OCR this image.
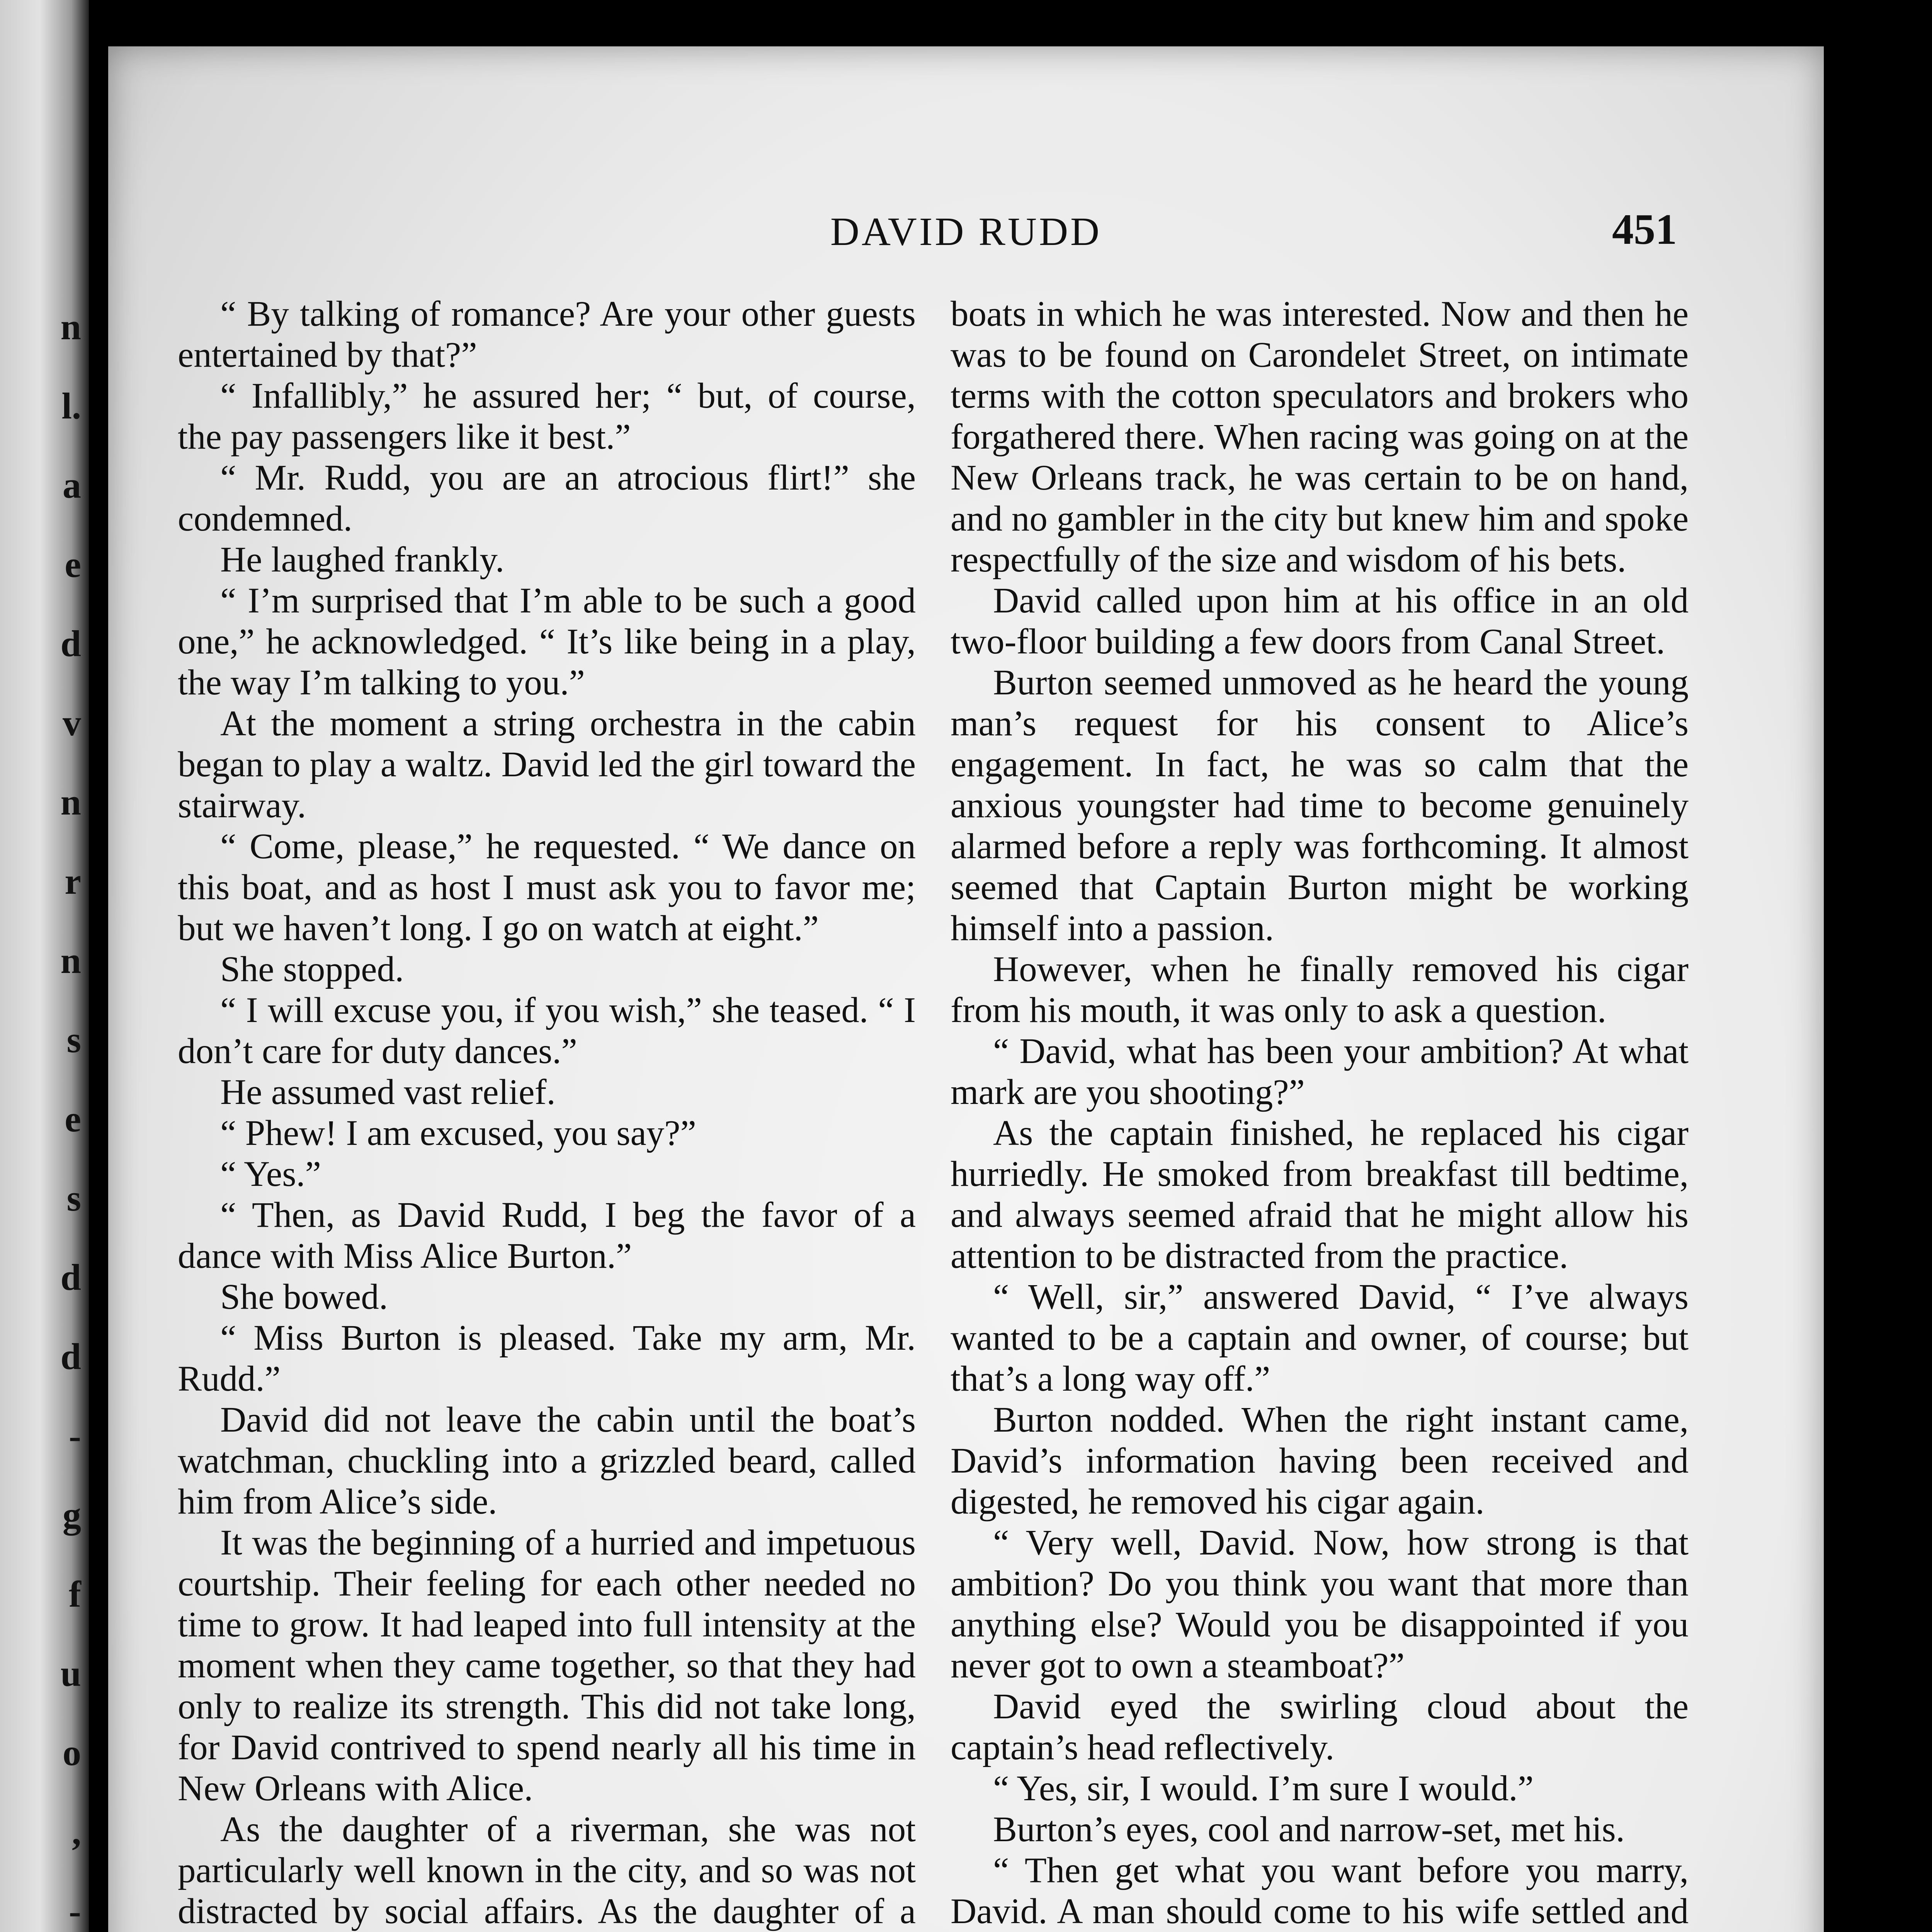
n
l.
a
e
d
v
n
r
n
s
e
s
d
d
-
g
f
u
o
,
-
DAVID RUDD	451

“ By talking of romance? Are your other guests entertained by that?”

“ Infallibly,” he assured her; “ but, of course, the pay passengers like it best.”

“ Mr. Rudd, you are an atrocious flirt!” she condemned.

He laughed frankly.

“ I’m surprised that I’m able to be such a good one,” he acknowledged. “ It’s like being in a play, the way I’m talking to you.”

At the moment a string orchestra in the cabin began to play a waltz. David led the girl toward the stairway.

“ Come, please,” he requested. “ We dance on this boat, and as host I must ask you to favor me; but we haven’t long. I go on watch at eight.”

She stopped.

“ I will excuse you, if you wish,” she teased. “ I don’t care for duty dances.”

He assumed vast relief.

“ Phew! I am excused, you say?”

“ Yes.”

“ Then, as David Rudd, I beg the favor of a dance with Miss Alice Burton.”

She bowed.

“ Miss Burton is pleased. Take my arm, Mr. Rudd.”

David did not leave the cabin until the boat’s watchman, chuckling into a grizzled beard, called him from Alice’s side.

It was the beginning of a hurried and impetuous courtship. Their feeling for each other needed no time to grow. It had leaped into full intensity at the moment when they came together, so that they had only to realize its strength. This did not take long, for David contrived to spend nearly all his time in New Orleans with Alice.

As the daughter of a riverman, she was not particularly well known in the city, and so was not distracted by social affairs. As the daughter of a

boats in which he was interested. Now and then he was to be found on Carondelet Street, on intimate terms with the cotton speculators and brokers who forgathered there. When racing was going on at the New Orleans track, he was certain to be on hand, and no gambler in the city but knew him and spoke respectfully of the size and wisdom of his bets.

David called upon him at his office in an old two-floor building a few doors from Canal Street.

Burton seemed unmoved as he heard the young man’s request for his consent to Alice’s engagement. In fact, he was so calm that the anxious youngster had time to become genuinely alarmed before a reply was forthcoming. It almost seemed that Captain Burton might be working himself into a passion.

However, when he finally removed his cigar from his mouth, it was only to ask a question.

“ David, what has been your ambition? At what mark are you shooting?”

As the captain finished, he replaced his cigar hurriedly. He smoked from breakfast till bedtime, and always seemed afraid that he might allow his attention to be distracted from the practice.

“ Well, sir,” answered David, “ I’ve always wanted to be a captain and owner, of course; but that’s a long way off.”

Burton nodded. When the right instant came, David’s information having been received and digested, he removed his cigar again.

“ Very well, David. Now, how strong is that ambition? Do you think you want that more than anything else? Would you be disappointed if you never got to own a steamboat?”

David eyed the swirling cloud about the captain’s head reflectively.

“ Yes, sir, I would. I’m sure I would.”

Burton’s eyes, cool and narrow-set, met his.

“ Then get what you want before you marry, David. A man should come to his wife settled and
